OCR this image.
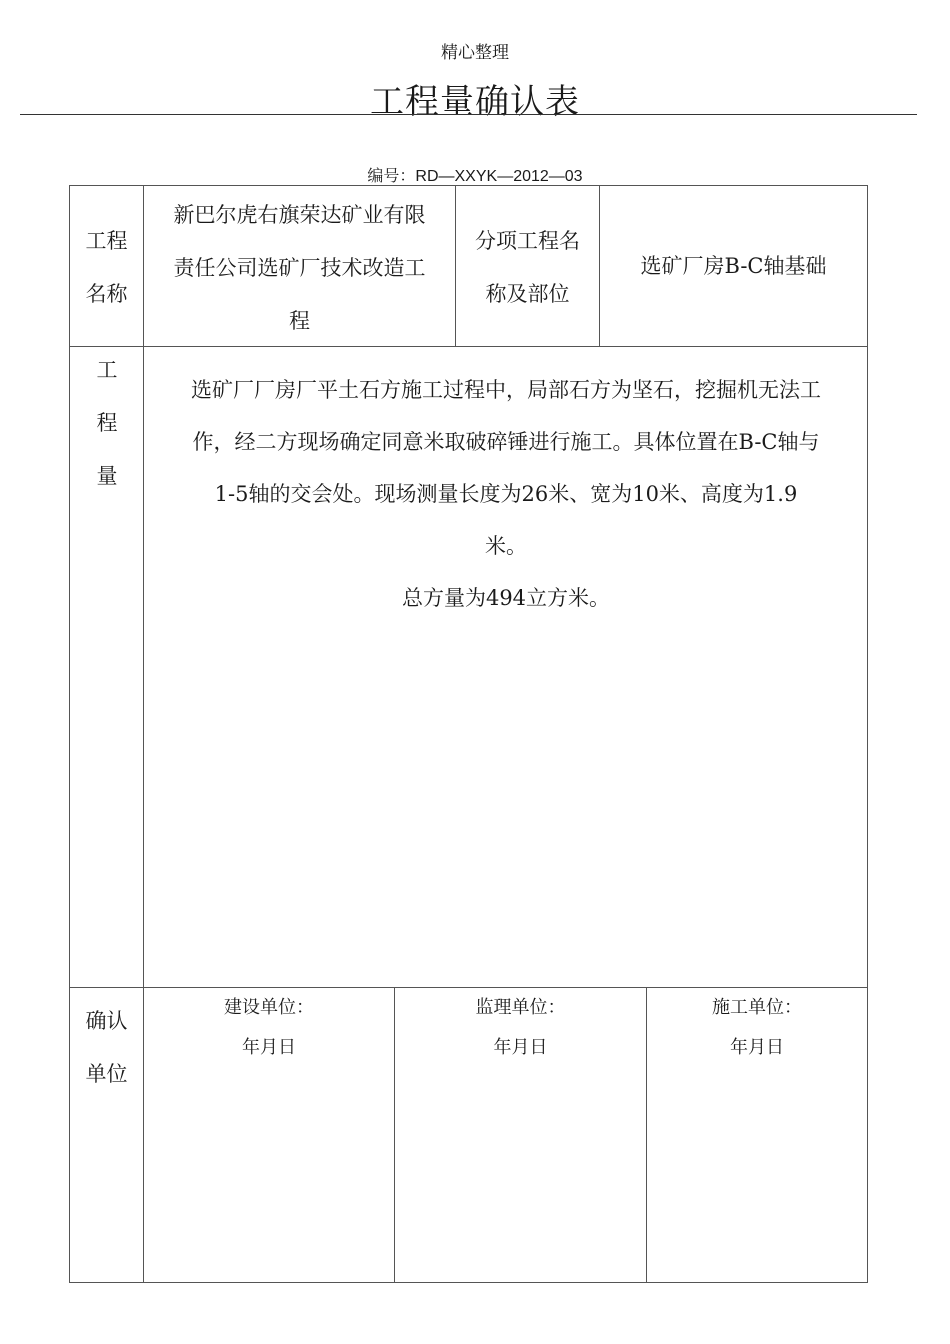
精心整理
工程量确认表
编号：RD—XXYK—2012—03
工程
名称
新巴尔虎右旗荣达矿业有限
责任公司选矿厂技术改造工
程
分项工程名
称及部位
选矿厂房B-C轴基础
工
程
量
选矿厂厂房厂平土石方施工过程中，局部石方为坚石，挖掘机无法工
作，经二方现场确定同意米取破碎锤进行施工。具体位置在B-C轴与
1-5轴的交会处。现场测量长度为26米、宽为10米、高度为1.9
米。
总方量为494立方米。
确认
单位
建设单位：
年月日
监理单位：
年月日
施工单位：
年月日
